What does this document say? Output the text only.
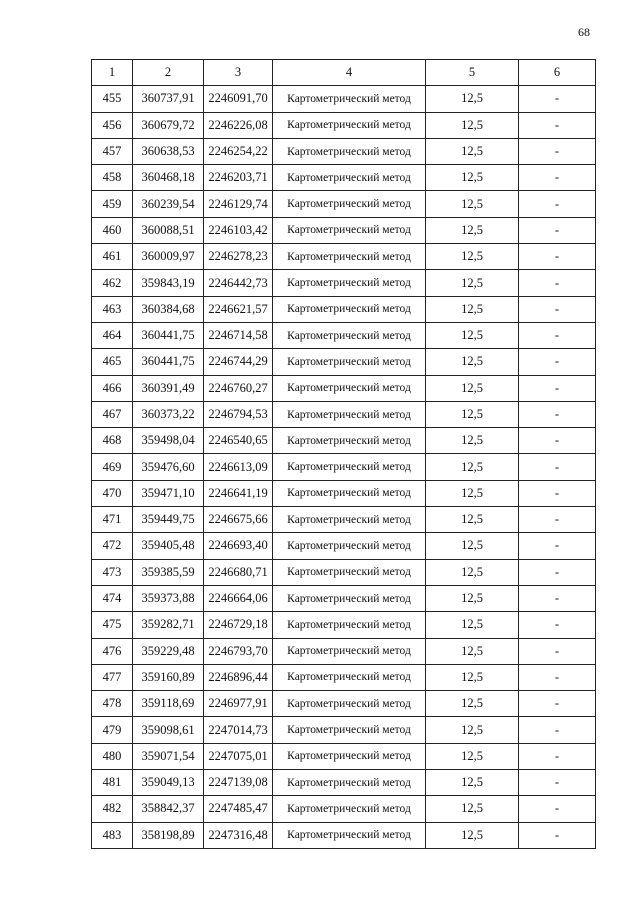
68
1	2	3	4	5	6
455	360737,91	2246091,70	Картометрический метод	12,5	-
456	360679,72	2246226,08	Картометрический метод	12,5	-
457	360638,53	2246254,22	Картометрический метод	12,5	-
458	360468,18	2246203,71	Картометрический метод	12,5	-
459	360239,54	2246129,74	Картометрический метод	12,5	-
460	360088,51	2246103,42	Картометрический метод	12,5	-
461	360009,97	2246278,23	Картометрический метод	12,5	-
462	359843,19	2246442,73	Картометрический метод	12,5	-
463	360384,68	2246621,57	Картометрический метод	12,5	-
464	360441,75	2246714,58	Картометрический метод	12,5	-
465	360441,75	2246744,29	Картометрический метод	12,5	-
466	360391,49	2246760,27	Картометрический метод	12,5	-
467	360373,22	2246794,53	Картометрический метод	12,5	-
468	359498,04	2246540,65	Картометрический метод	12,5	-
469	359476,60	2246613,09	Картометрический метод	12,5	-
470	359471,10	2246641,19	Картометрический метод	12,5	-
471	359449,75	2246675,66	Картометрический метод	12,5	-
472	359405,48	2246693,40	Картометрический метод	12,5	-
473	359385,59	2246680,71	Картометрический метод	12,5	-
474	359373,88	2246664,06	Картометрический метод	12,5	-
475	359282,71	2246729,18	Картометрический метод	12,5	-
476	359229,48	2246793,70	Картометрический метод	12,5	-
477	359160,89	2246896,44	Картометрический метод	12,5	-
478	359118,69	2246977,91	Картометрический метод	12,5	-
479	359098,61	2247014,73	Картометрический метод	12,5	-
480	359071,54	2247075,01	Картометрический метод	12,5	-
481	359049,13	2247139,08	Картометрический метод	12,5	-
482	358842,37	2247485,47	Картометрический метод	12,5	-
483	358198,89	2247316,48	Картометрический метод	12,5	-
